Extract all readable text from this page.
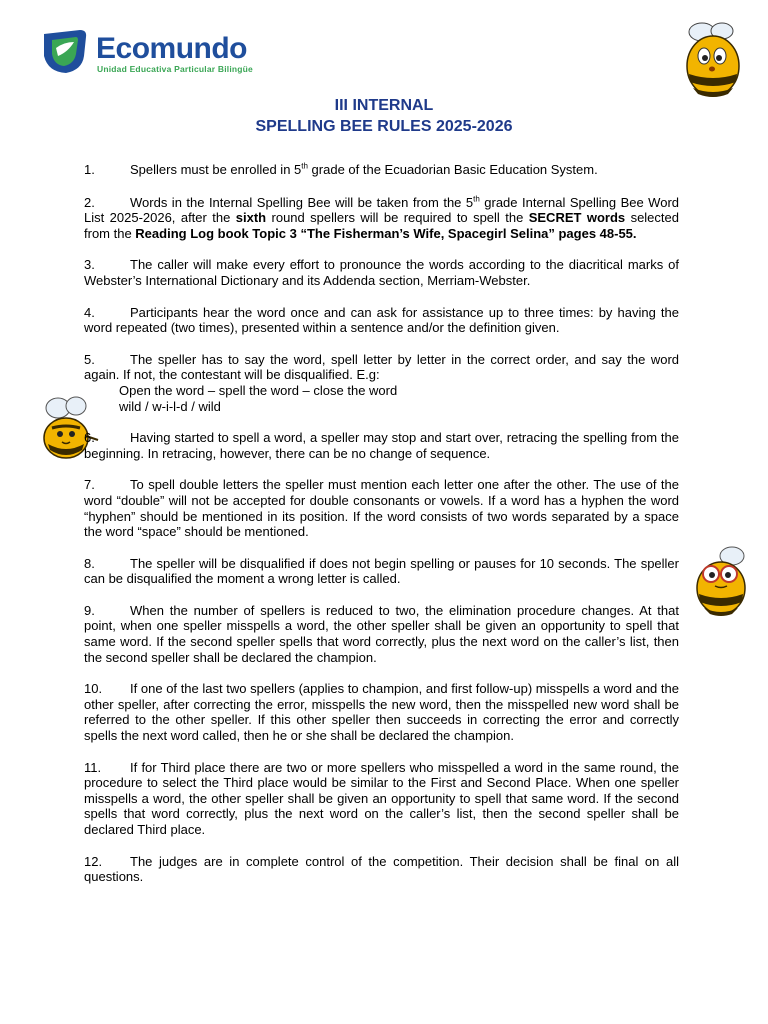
Ecomundo
Unidad Educativa Particular Bilingüe
III INTERNAL
SPELLING BEE RULES 2025-2026

1.	Spellers must be enrolled in 5th grade of the Ecuadorian Basic Education System.

2.	Words in the Internal Spelling Bee will be taken from the 5th grade Internal Spelling Bee Word List 2025-2026, after the sixth round spellers will be required to spell the SECRET words selected from the Reading Log book Topic 3 “The Fisherman’s Wife, Spacegirl Selina” pages 48-55.

3.	The caller will make every effort to pronounce the words according to the diacritical marks of Webster’s International Dictionary and its Addenda section, Merriam-Webster.

4.	Participants hear the word once and can ask for assistance up to three times: by having the word repeated (two times), presented within a sentence and/or the definition given.

5.	The speller has to say the word, spell letter by letter in the correct order, and say the word again. If not, the contestant will be disqualified. E.g:

Open the word – spell the word – close the word

wild / w-i-l-d / wild

6.	Having started to spell a word, a speller may stop and start over, retracing the spelling from the beginning. In retracing, however, there can be no change of sequence.

7.	To spell double letters the speller must mention each letter one after the other. The use of the word “double” will not be accepted for double consonants or vowels. If a word has a hyphen the word “hyphen” should be mentioned in its position. If the word consists of two words separated by a space the word “space” should be mentioned.

8.	The speller will be disqualified if does not begin spelling or pauses for 10 seconds. The speller can be disqualified the moment a wrong letter is called.

9.	When the number of spellers is reduced to two, the elimination procedure changes. At that point, when one speller misspells a word, the other speller shall be given an opportunity to spell that same word. If the second speller spells that word correctly, plus the next word on the caller’s list, then the second speller shall be declared the champion.

10. If one of the last two spellers (applies to champion, and first follow-up) misspells a word and the other speller, after correcting the error, misspells the new word, then the misspelled new word shall be referred to the other speller. If this other speller then succeeds in correcting the error and correctly spells the next word called, then he or she shall be declared the champion.

11. If for Third place there are two or more spellers who misspelled a word in the same round, the procedure to select the Third place would be similar to the First and Second Place. When one speller misspells a word, the other speller shall be given an opportunity to spell that same word. If the second spells that word correctly, plus the next word on the caller’s list, then the second speller shall be declared Third place.

12. The judges are in complete control of the competition. Their decision shall be final on all questions.
